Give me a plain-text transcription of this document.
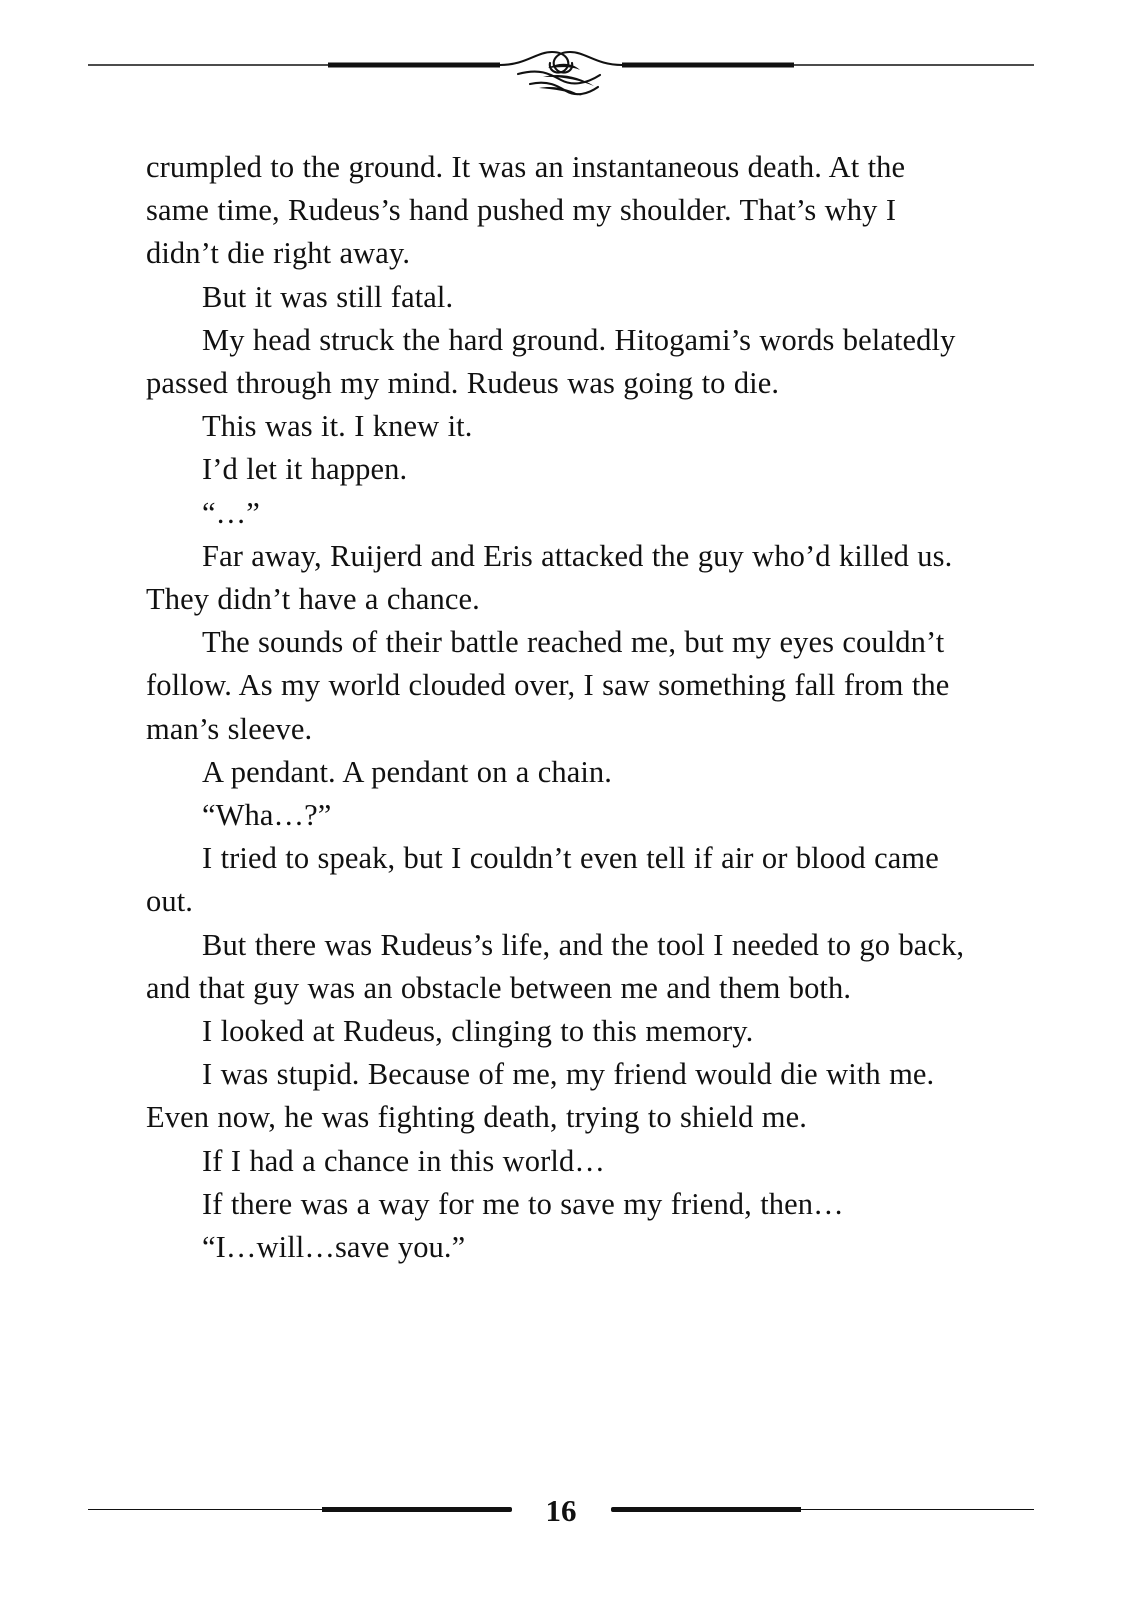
crumpled to the ground. It was an instantaneous death. At the same time, Rudeus’s hand pushed my shoulder. That’s why I didn’t die right away.

But it was still fatal.

My head struck the hard ground. Hitogami’s words belatedly passed through my mind. Rudeus was going to die.

This was it. I knew it.

I’d let it happen.

“…”

Far away, Ruijerd and Eris attacked the guy who’d killed us. They didn’t have a chance.

The sounds of their battle reached me, but my eyes couldn’t follow. As my world clouded over, I saw something fall from the man’s sleeve.

A pendant. A pendant on a chain.

“Wha…?”

I tried to speak, but I couldn’t even tell if air or blood came out.

But there was Rudeus’s life, and the tool I needed to go back, and that guy was an obstacle between me and them both.

I looked at Rudeus, clinging to this memory.

I was stupid. Because of me, my friend would die with me. Even now, he was fighting death, trying to shield me.

If I had a chance in this world…

If there was a way for me to save my friend, then…

“I…will…save you.”

16
